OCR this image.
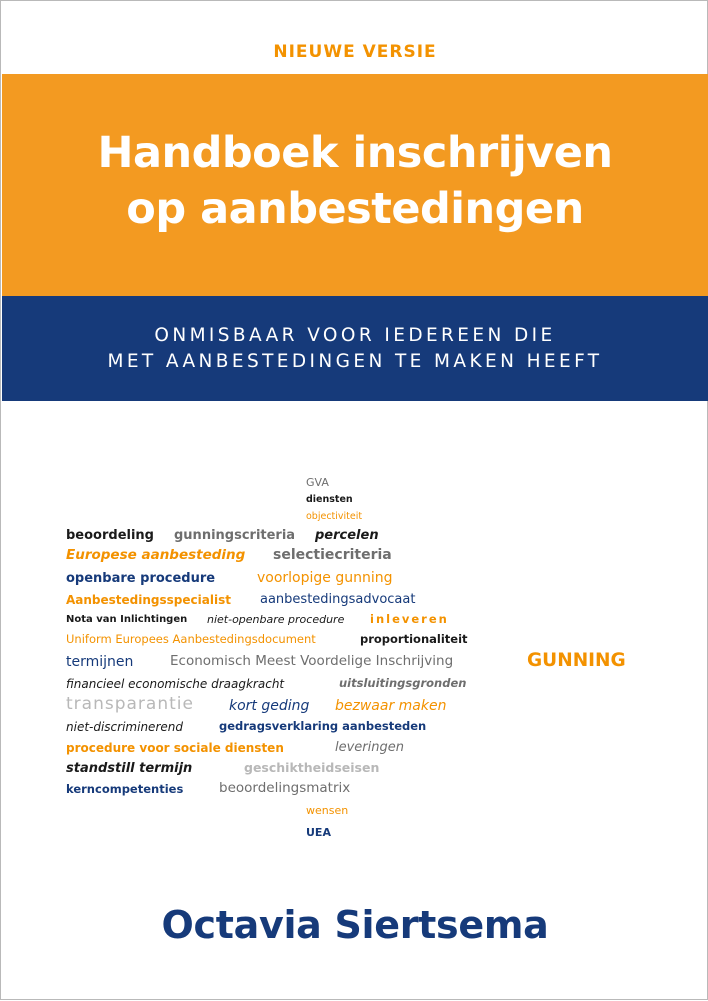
NIEUWE VERSIE
Handboek inschrijven
op aanbestedingen
ONMISBAAR VOOR IEDEREEN DIE
MET AANBESTEDINGEN TE MAKEN HEEFT
GVA
diensten
objectiviteit
beoordeling gunningscriteria percelen
Europese aanbesteding selectiecriteria
openbare procedure	voorlopige gunning
Aanbestedingsspecialist aanbestedingsadvocaat
Nota van Inlichtingen niet-openbare procedure inleveren
Uniform Europees Aanbestedingsdocument	proportionaliteit
termijnen	Economisch Meest Voordelige Inschrijving	GUNNING
financieel economische draagkracht	uitsluitingsgronden
transparantie	kort geding bezwaar maken
niet-discriminerend	gedragsverklaring aanbesteden
procedure voor sociale diensten	leveringen
standstill termijn	geschiktheidseisen
kerncompetenties	beoordelingsmatrix
wensen
UEA
Octavia Siertsema
